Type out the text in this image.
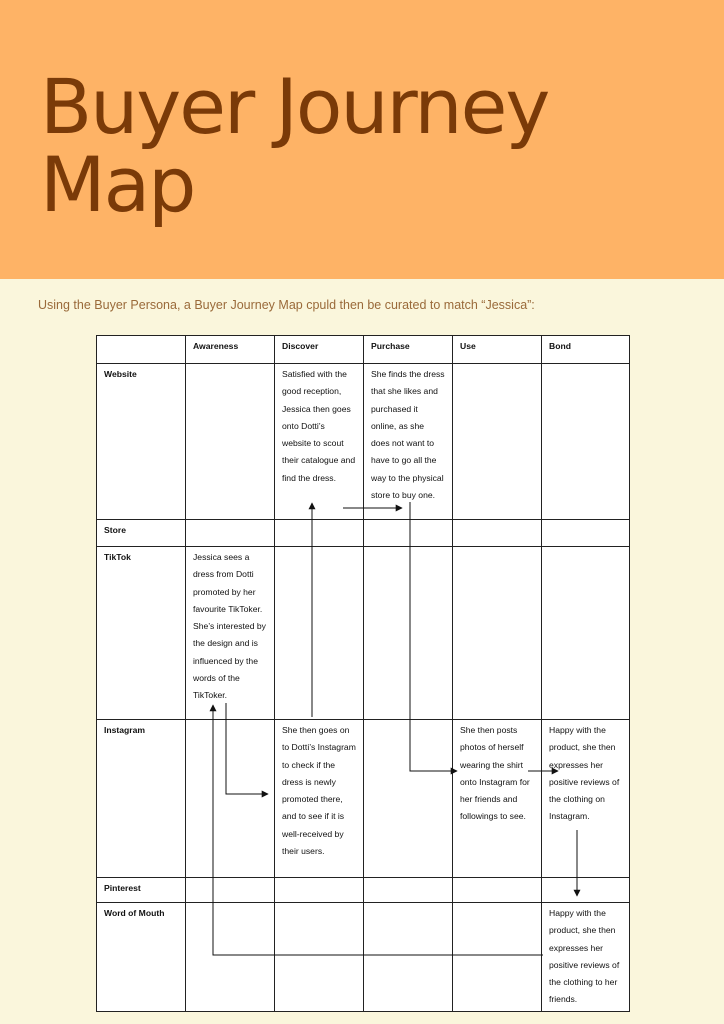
Buyer Journey
Map

Using the Buyer Persona, a Buyer Journey Map cpuld then be curated to match “Jessica”:

	Awareness	Discover	Purchase	Use	Bond
Website		Satisfied with the good reception, Jessica then goes onto Dotti’s website to scout their catalogue and find the dress.	She finds the dress that she likes and purchased it online, as she does not want to have to go all the way to the physical store to buy one.		
Store					
TikTok	Jessica sees a dress from Dotti promoted by her favourite TikToker. She’s interested by the design and is influenced by the words of the TikToker.				
Instagram		She then goes on to Dotti’s Instagram to check if the dress is newly promoted there, and to see if it is well-received by their users.		She then posts photos of herself wearing the shirt onto Instagram for her friends and followings to see.	Happy with the product, she then expresses her positive reviews of the clothing on Instagram.
Pinterest					
Word of Mouth					Happy with the product, she then expresses her positive reviews of the clothing to her friends.
